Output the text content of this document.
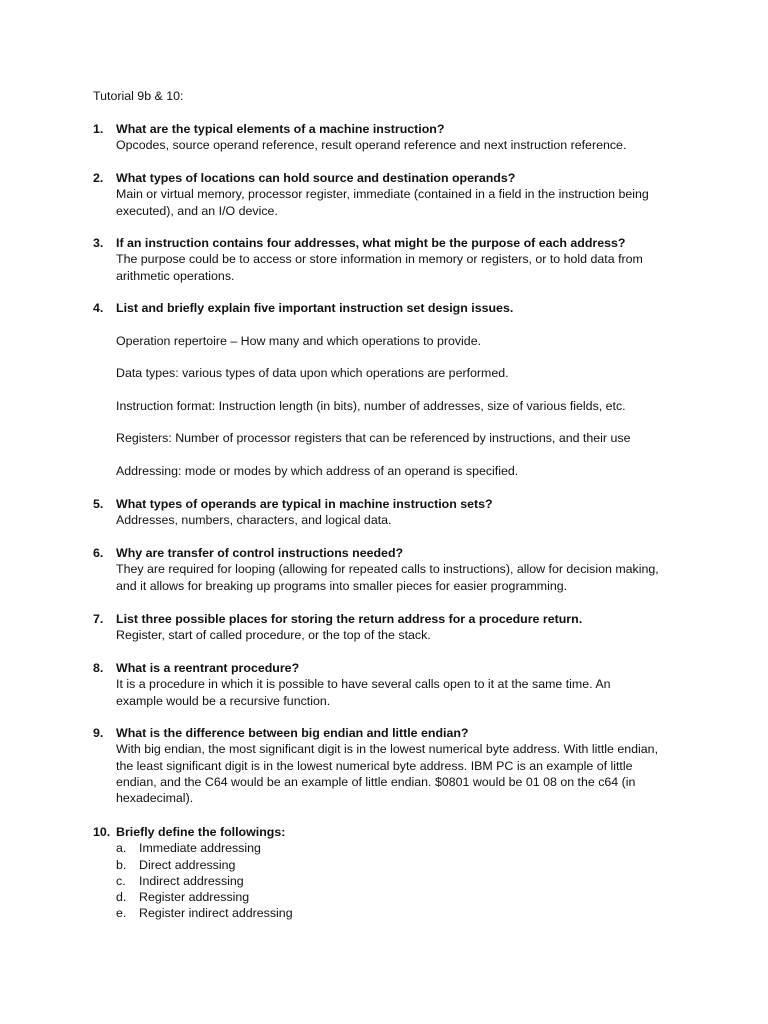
Tutorial 9b & 10:
1.	What are the typical elements of a machine instruction?
Opcodes, source operand reference, result operand reference and next instruction reference.
2.	What types of locations can hold source and destination operands?
Main or virtual memory, processor register, immediate (contained in a field in the instruction being executed), and an I/O device.
3.	If an instruction contains four addresses, what might be the purpose of each address?
The purpose could be to access or store information in memory or registers, or to hold data from arithmetic operations.
4.	List and briefly explain five important instruction set design issues.
Operation repertoire – How many and which operations to provide.
Data types: various types of data upon which operations are performed.
Instruction format: Instruction length (in bits), number of addresses, size of various fields, etc.
Registers: Number of processor registers that can be referenced by instructions, and their use
Addressing: mode or modes by which address of an operand is specified.
5.	What types of operands are typical in machine instruction sets?
Addresses, numbers, characters, and logical data.
6.	Why are transfer of control instructions needed?
They are required for looping (allowing for repeated calls to instructions), allow for decision making, and it allows for breaking up programs into smaller pieces for easier programming.
7.	List three possible places for storing the return address for a procedure return.
Register, start of called procedure, or the top of the stack.
8.	What is a reentrant procedure?
It is a procedure in which it is possible to have several calls open to it at the same time. An example would be a recursive function.
9.	What is the difference between big endian and little endian?
With big endian, the most significant digit is in the lowest numerical byte address. With little endian, the least significant digit is in the lowest numerical byte address. IBM PC is an example of little endian, and the C64 would be an example of little endian. $0801 would be 01 08 on the c64 (in hexadecimal).
10. Briefly define the followings:
a. Immediate addressing
b. Direct addressing
c. Indirect addressing
d. Register addressing
e. Register indirect addressing
